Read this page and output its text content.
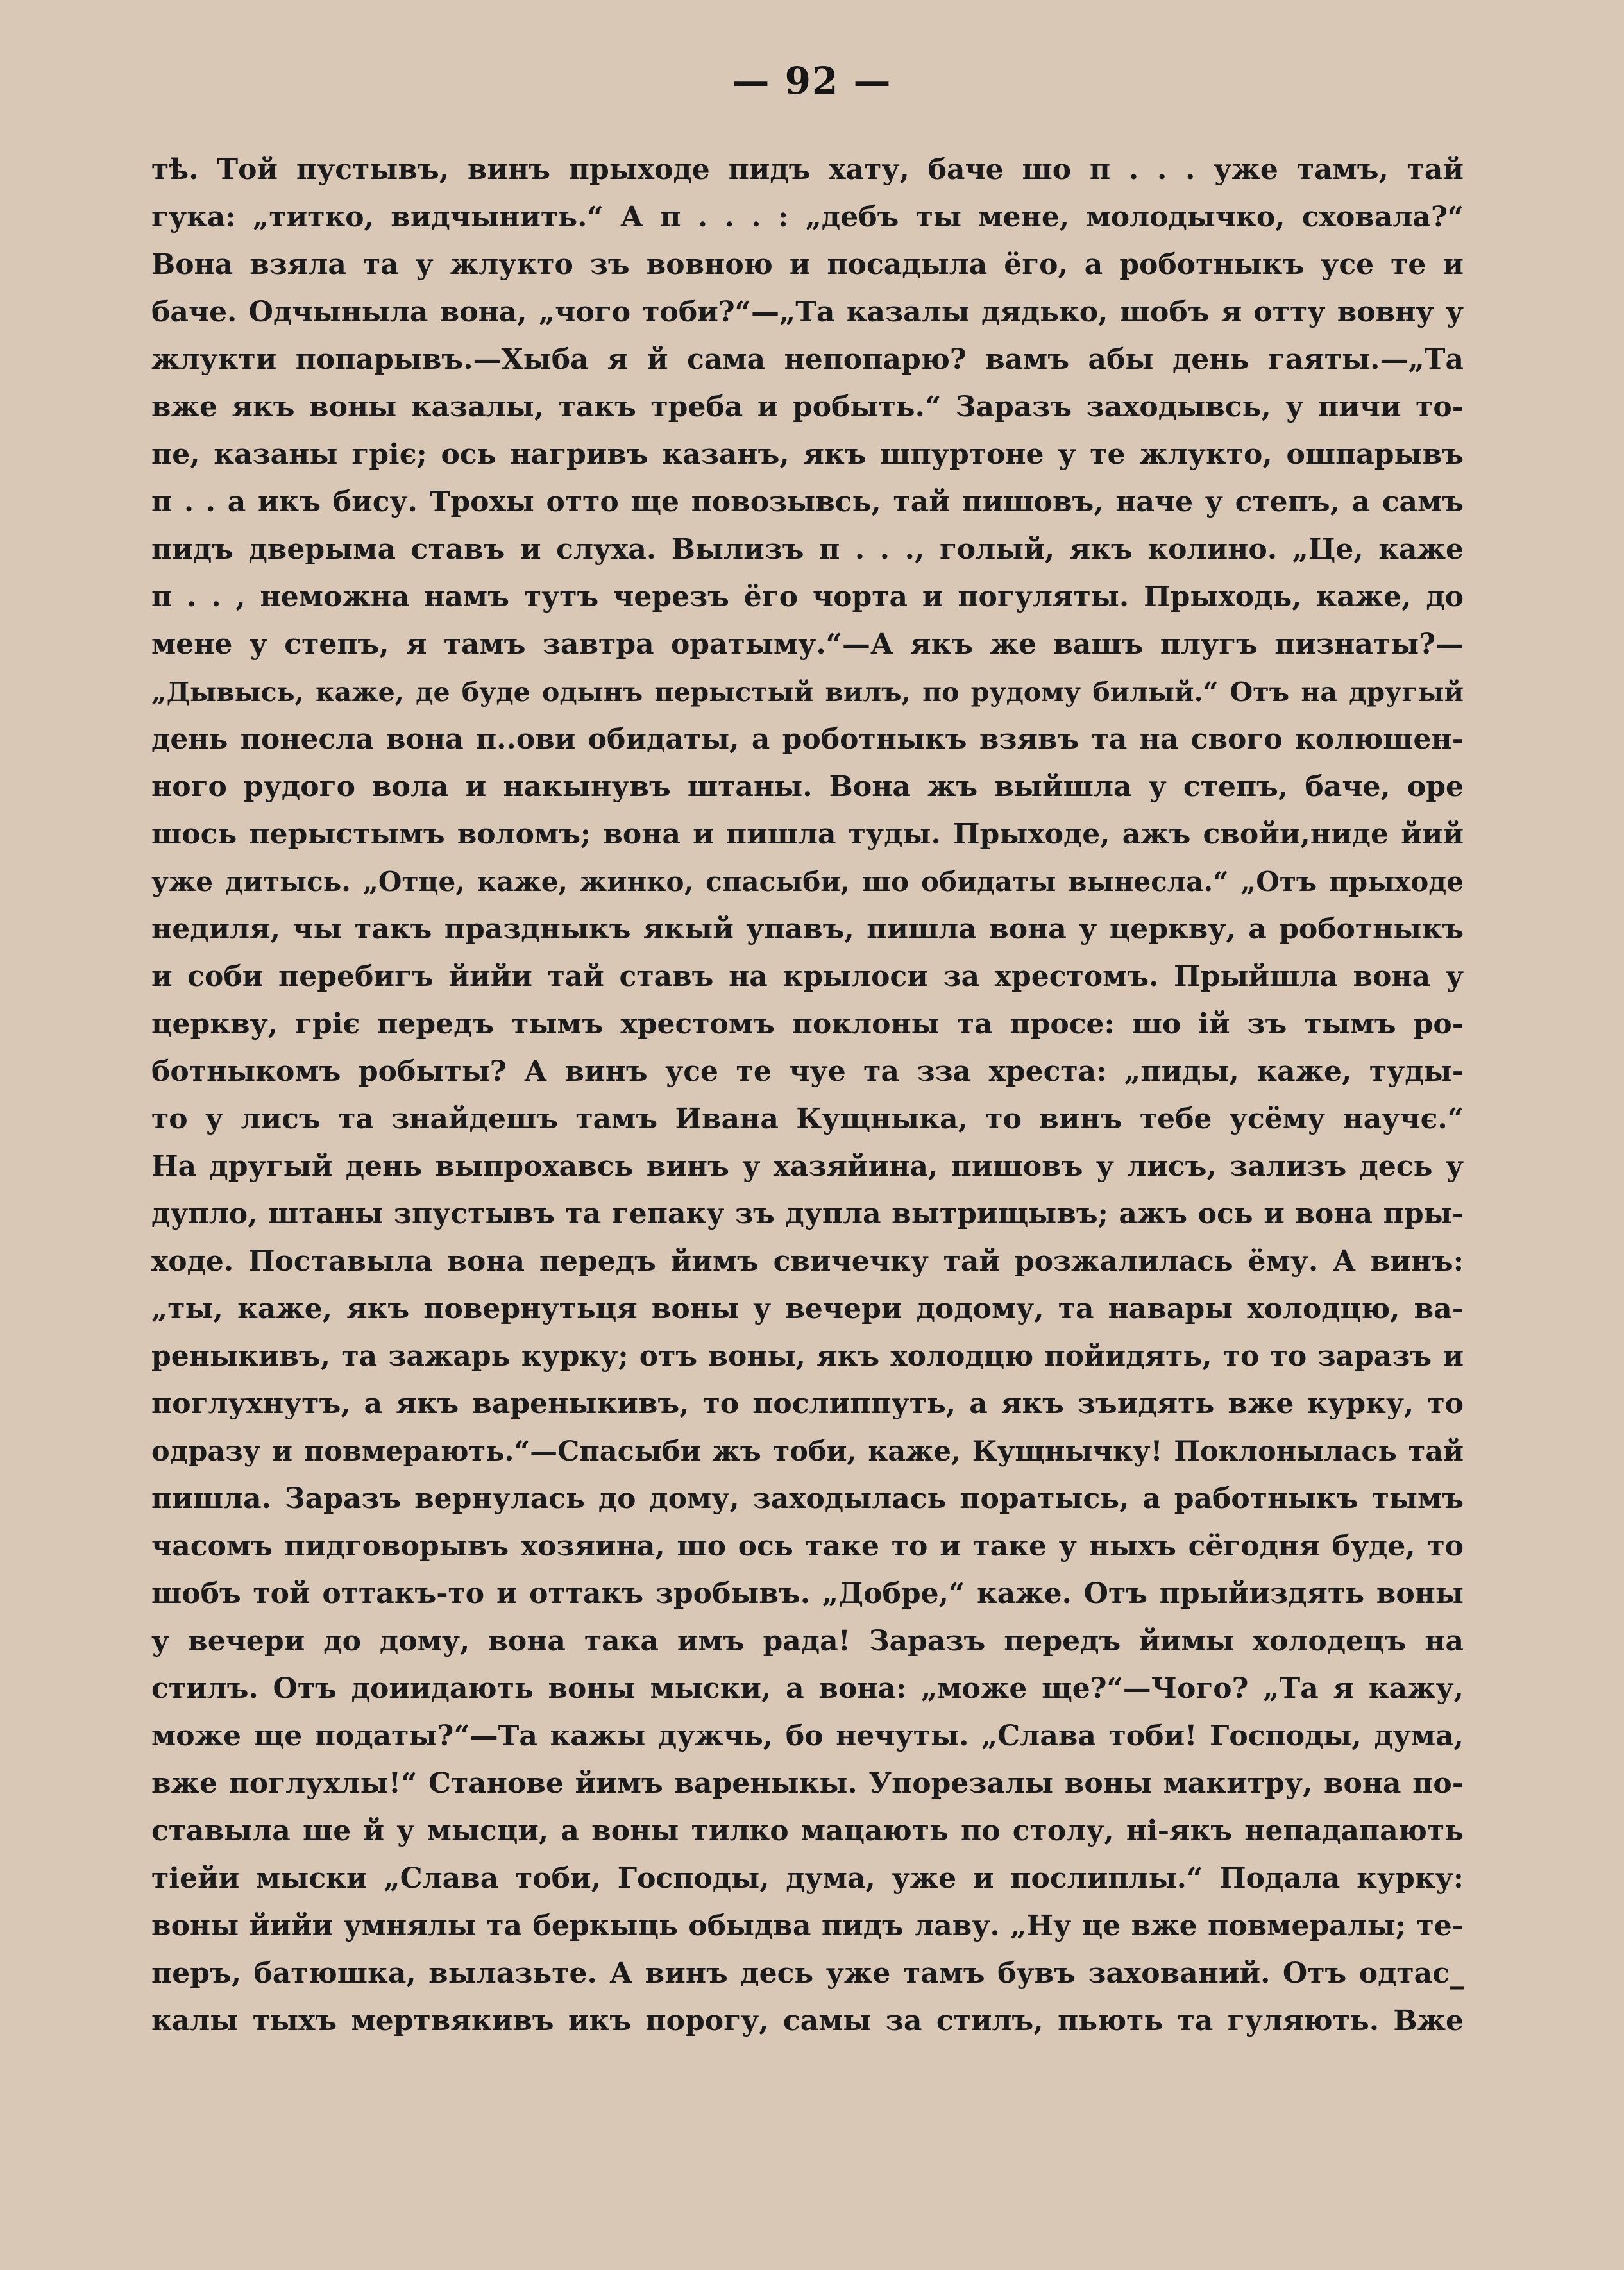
— 92 —
тѣ. Той пустывъ, винъ прыходе пидъ хату, баче шо п . . . уже тамъ, тай
гука: „титко, видчынить.“ А п . . . : „дебъ ты мене, молодычко, сховала?“
Вона взяла та у жлукто зъ вовною и посадыла ёго, а роботныкъ усе те и
баче. Одчыныла вона, „чого тоби?“—„Та казалы дядько, шобъ я отту вовну у
жлукти попарывъ.—Хыба я й сама непопарю? вамъ абы день гаяты.—„Та
вже якъ воны казалы, такъ треба и робыть.“ Заразъ заходывсь, у пичи то-
пе, казаны гріє; ось нагривъ казанъ, якъ шпуртоне у те жлукто, ошпарывъ
п . . а икъ бису. Трохы отто ще повозывсь, тай пишовъ, наче у степъ, а самъ
пидъ дверыма ставъ и слуха. Вылизъ п . . ., голый, якъ колино. „Це, каже
п . . , неможна намъ тутъ черезъ ёго чорта и погуляты. Прыходь, каже, до
мене у степъ, я тамъ завтра оратыму.“—А якъ же вашъ плугъ пизнаты?—
„Дывысь, каже, де буде одынъ перыстый вилъ, по рудому билый.“ Отъ на другый
день понесла вона п..ови обидаты, а роботныкъ взявъ та на свого колюшен-
ного рудого вола и накынувъ штаны. Вона жъ выйшла у степъ, баче, оре
шось перыстымъ воломъ; вона и пишла туды. Прыходе, ажъ свойи,ниде йий
уже дитысь. „Отце, каже, жинко, спасыби, шо обидаты вынесла.“ „Отъ прыходе
недиля, чы такъ праздныкъ якый упавъ, пишла вона у церкву, а роботныкъ
и соби перебигъ йийи тай ставъ на крылоси за хрестомъ. Прыйшла вона у
церкву, гріє передъ тымъ хрестомъ поклоны та просе: шо ій зъ тымъ ро-
ботныкомъ робыты? А винъ усе те чуе та зза хреста: „пиды, каже, туды-
то у лисъ та знайдешъ тамъ Ивана Кущныка, то винъ тебе усёму научє.“
На другый день выпрохавсь винъ у хазяйина, пишовъ у лисъ, зализъ десь у
дупло, штаны зпустывъ та гепаку зъ дупла вытрищывъ; ажъ ось и вона пры-
ходе. Поставыла вона передъ йимъ свичечку тай розжалилась ёму. А винъ:
„ты, каже, якъ повернутьця воны у вечери додому, та навары холодцю, ва-
реныкивъ, та зажарь курку; отъ воны, якъ холодцю пойидять, то то заразъ и
поглухнутъ, а якъ вареныкивъ, то послиппуть, а якъ зъидять вже курку, то
одразу и повмерають.“—Спасыби жъ тоби, каже, Кущнычку! Поклонылась тай
пишла. Заразъ вернулась до дому, заходылась поратысь, а работныкъ тымъ
часомъ пидговорывъ хозяина, шо ось таке то и таке у ныхъ сёгодня буде, то
шобъ той оттакъ-то и оттакъ зробывъ. „Добре,“ каже. Отъ прыйиздять воны
у вечери до дому, вона така имъ рада! Заразъ передъ йимы холодецъ на
стилъ. Отъ доиидають воны мыски, а вона: „може ще?“—Чого? „Та я кажу,
може ще податы?“—Та кажы дужчь, бо нечуты. „Слава тоби! Господы, дума,
вже поглухлы!“ Станове йимъ вареныкы. Упорезалы воны макитру, вона по-
ставыла ше й у мысци, а воны тилко мацають по столу, ні-якъ непадапають
тіейи мыски „Слава тоби, Господы, дума, уже и послиплы.“ Подала курку:
воны йийи умнялы та беркыць обыдва пидъ лаву. „Ну це вже повмералы; те-
перъ, батюшка, вылазьте. А винъ десь уже тамъ бувъ захований. Отъ одтас_
калы тыхъ мертвякивъ икъ порогу, самы за стилъ, пьють та гуляють. Вже
